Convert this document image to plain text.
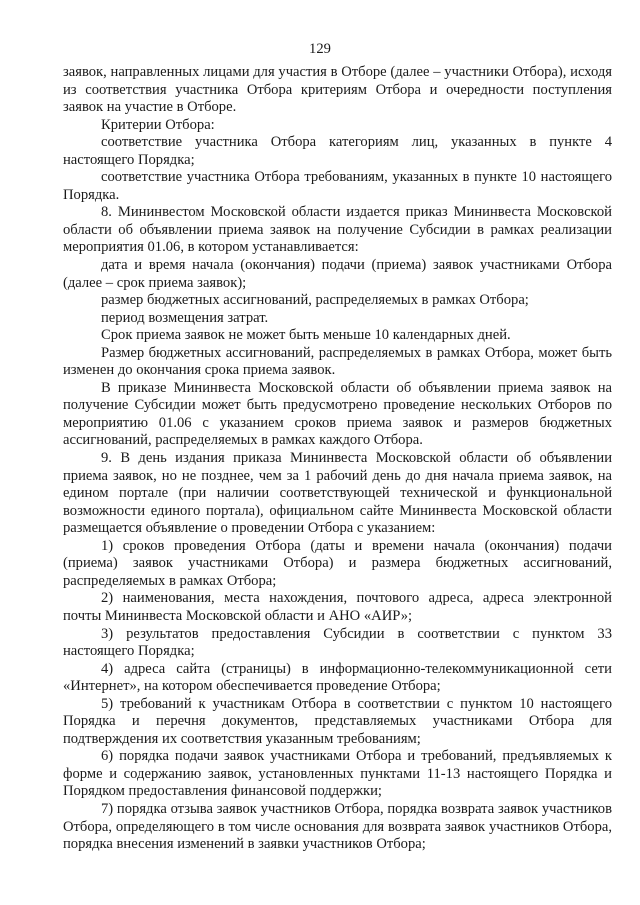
129

заявок, направленных лицами для участия в Отборе (далее – участники Отбора), исходя из соответствия участника Отбора критериям Отбора и очередности поступления заявок на участие в Отборе.

Критерии Отбора:

соответствие участника Отбора категориям лиц, указанных в пункте 4 настоящего Порядка;

соответствие участника Отбора требованиям, указанных в пункте 10 настоящего Порядка.

8. Мининвестом Московской области издается приказ Мининвеста Московской области об объявлении приема заявок на получение Субсидии в рамках реализации мероприятия 01.06, в котором устанавливается:

дата и время начала (окончания) подачи (приема) заявок участниками Отбора (далее – срок приема заявок);

размер бюджетных ассигнований, распределяемых в рамках Отбора;

период возмещения затрат.

Срок приема заявок не может быть меньше 10 календарных дней.

Размер бюджетных ассигнований, распределяемых в рамках Отбора, может быть изменен до окончания срока приема заявок.

В приказе Мининвеста Московской области об объявлении приема заявок на получение Субсидии может быть предусмотрено проведение нескольких Отборов по мероприятию 01.06 с указанием сроков приема заявок и размеров бюджетных ассигнований, распределяемых в рамках каждого Отбора.

9. В день издания приказа Мининвеста Московской области об объявлении приема заявок, но не позднее, чем за 1 рабочий день до дня начала приема заявок, на едином портале (при наличии соответствующей технической и функциональной возможности единого портала), официальном сайте Мининвеста Московской области размещается объявление о проведении Отбора с указанием:

1) сроков проведения Отбора (даты и времени начала (окончания) подачи (приема) заявок участниками Отбора) и размера бюджетных ассигнований, распределяемых в рамках Отбора;

2) наименования, места нахождения, почтового адреса, адреса электронной почты Мининвеста Московской области и АНО «АИР»;

3) результатов предоставления Субсидии в соответствии с пунктом 33 настоящего Порядка;

4) адреса сайта (страницы) в информационно-телекоммуникационной сети «Интернет», на котором обеспечивается проведение Отбора;

5) требований к участникам Отбора в соответствии с пунктом 10 настоящего Порядка и перечня документов, представляемых участниками Отбора для подтверждения их соответствия указанным требованиям;

6) порядка подачи заявок участниками Отбора и требований, предъявляемых к форме и содержанию заявок, установленных пунктами 11-13 настоящего Порядка и Порядком предоставления финансовой поддержки;

7) порядка отзыва заявок участников Отбора, порядка возврата заявок участников Отбора, определяющего в том числе основания для возврата заявок участников Отбора, порядка внесения изменений в заявки участников Отбора;
